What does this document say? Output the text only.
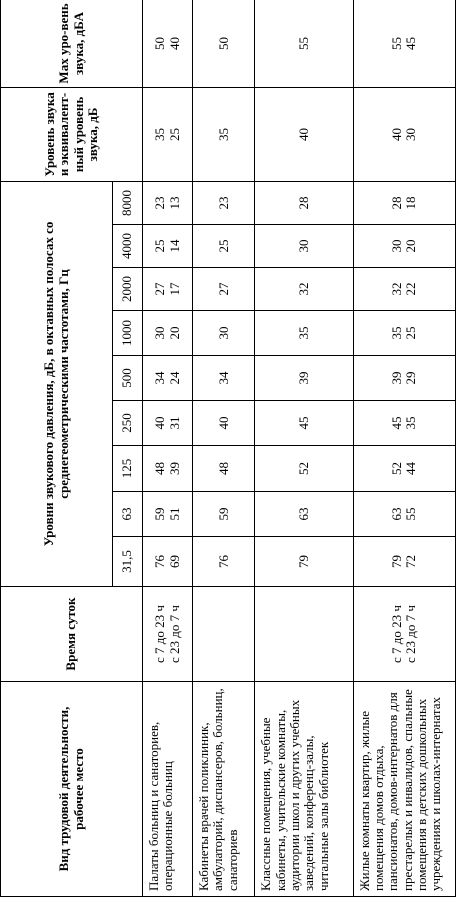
Вид трудовой деятельности, рабочее место	Время суток	Уровни звукового давления, дБ, в октавных полосах со среднегеометрическими частотами, Гц									Уровень звука и эквивалент-ный уровень звука, дБ	Max уро-вень звука, дБА
		31,5	63	125	250	500	1000	2000	4000	8000		
Палаты больниц и санаториев, операционные больниц	с 7 до 23 ч с 23 до 7 ч	76 69	59 51	48 39	40 31	34 24	30 20	27 17	25 14	23 13	35 25	50 40

Кабинеты врачей поликлиник, амбулаторий, диспансеров, больниц, санаториев		76	59	48	40	34	30	27	25	23	35	50
Классные помещения, учебные кабинеты, учительские комнаты, аудитории школ и других учебных заведений, конференц-залы, читальные залы библиотек		79	63	52	45	39	35	32	30	28	40	55
Жилые комнаты квартир, жилые помещения домов отдыха, пансионатов, домов-интернатов для престарелых и инвалидов, спальные помещения в детских дошкольных учреждениях и школах-интернатах	с 7 до 23 ч с 23 до 7 ч	79 72	63 55	52 44	45 35	39 29	35 25	32 22	30 20	28 18	40 30	55 45
